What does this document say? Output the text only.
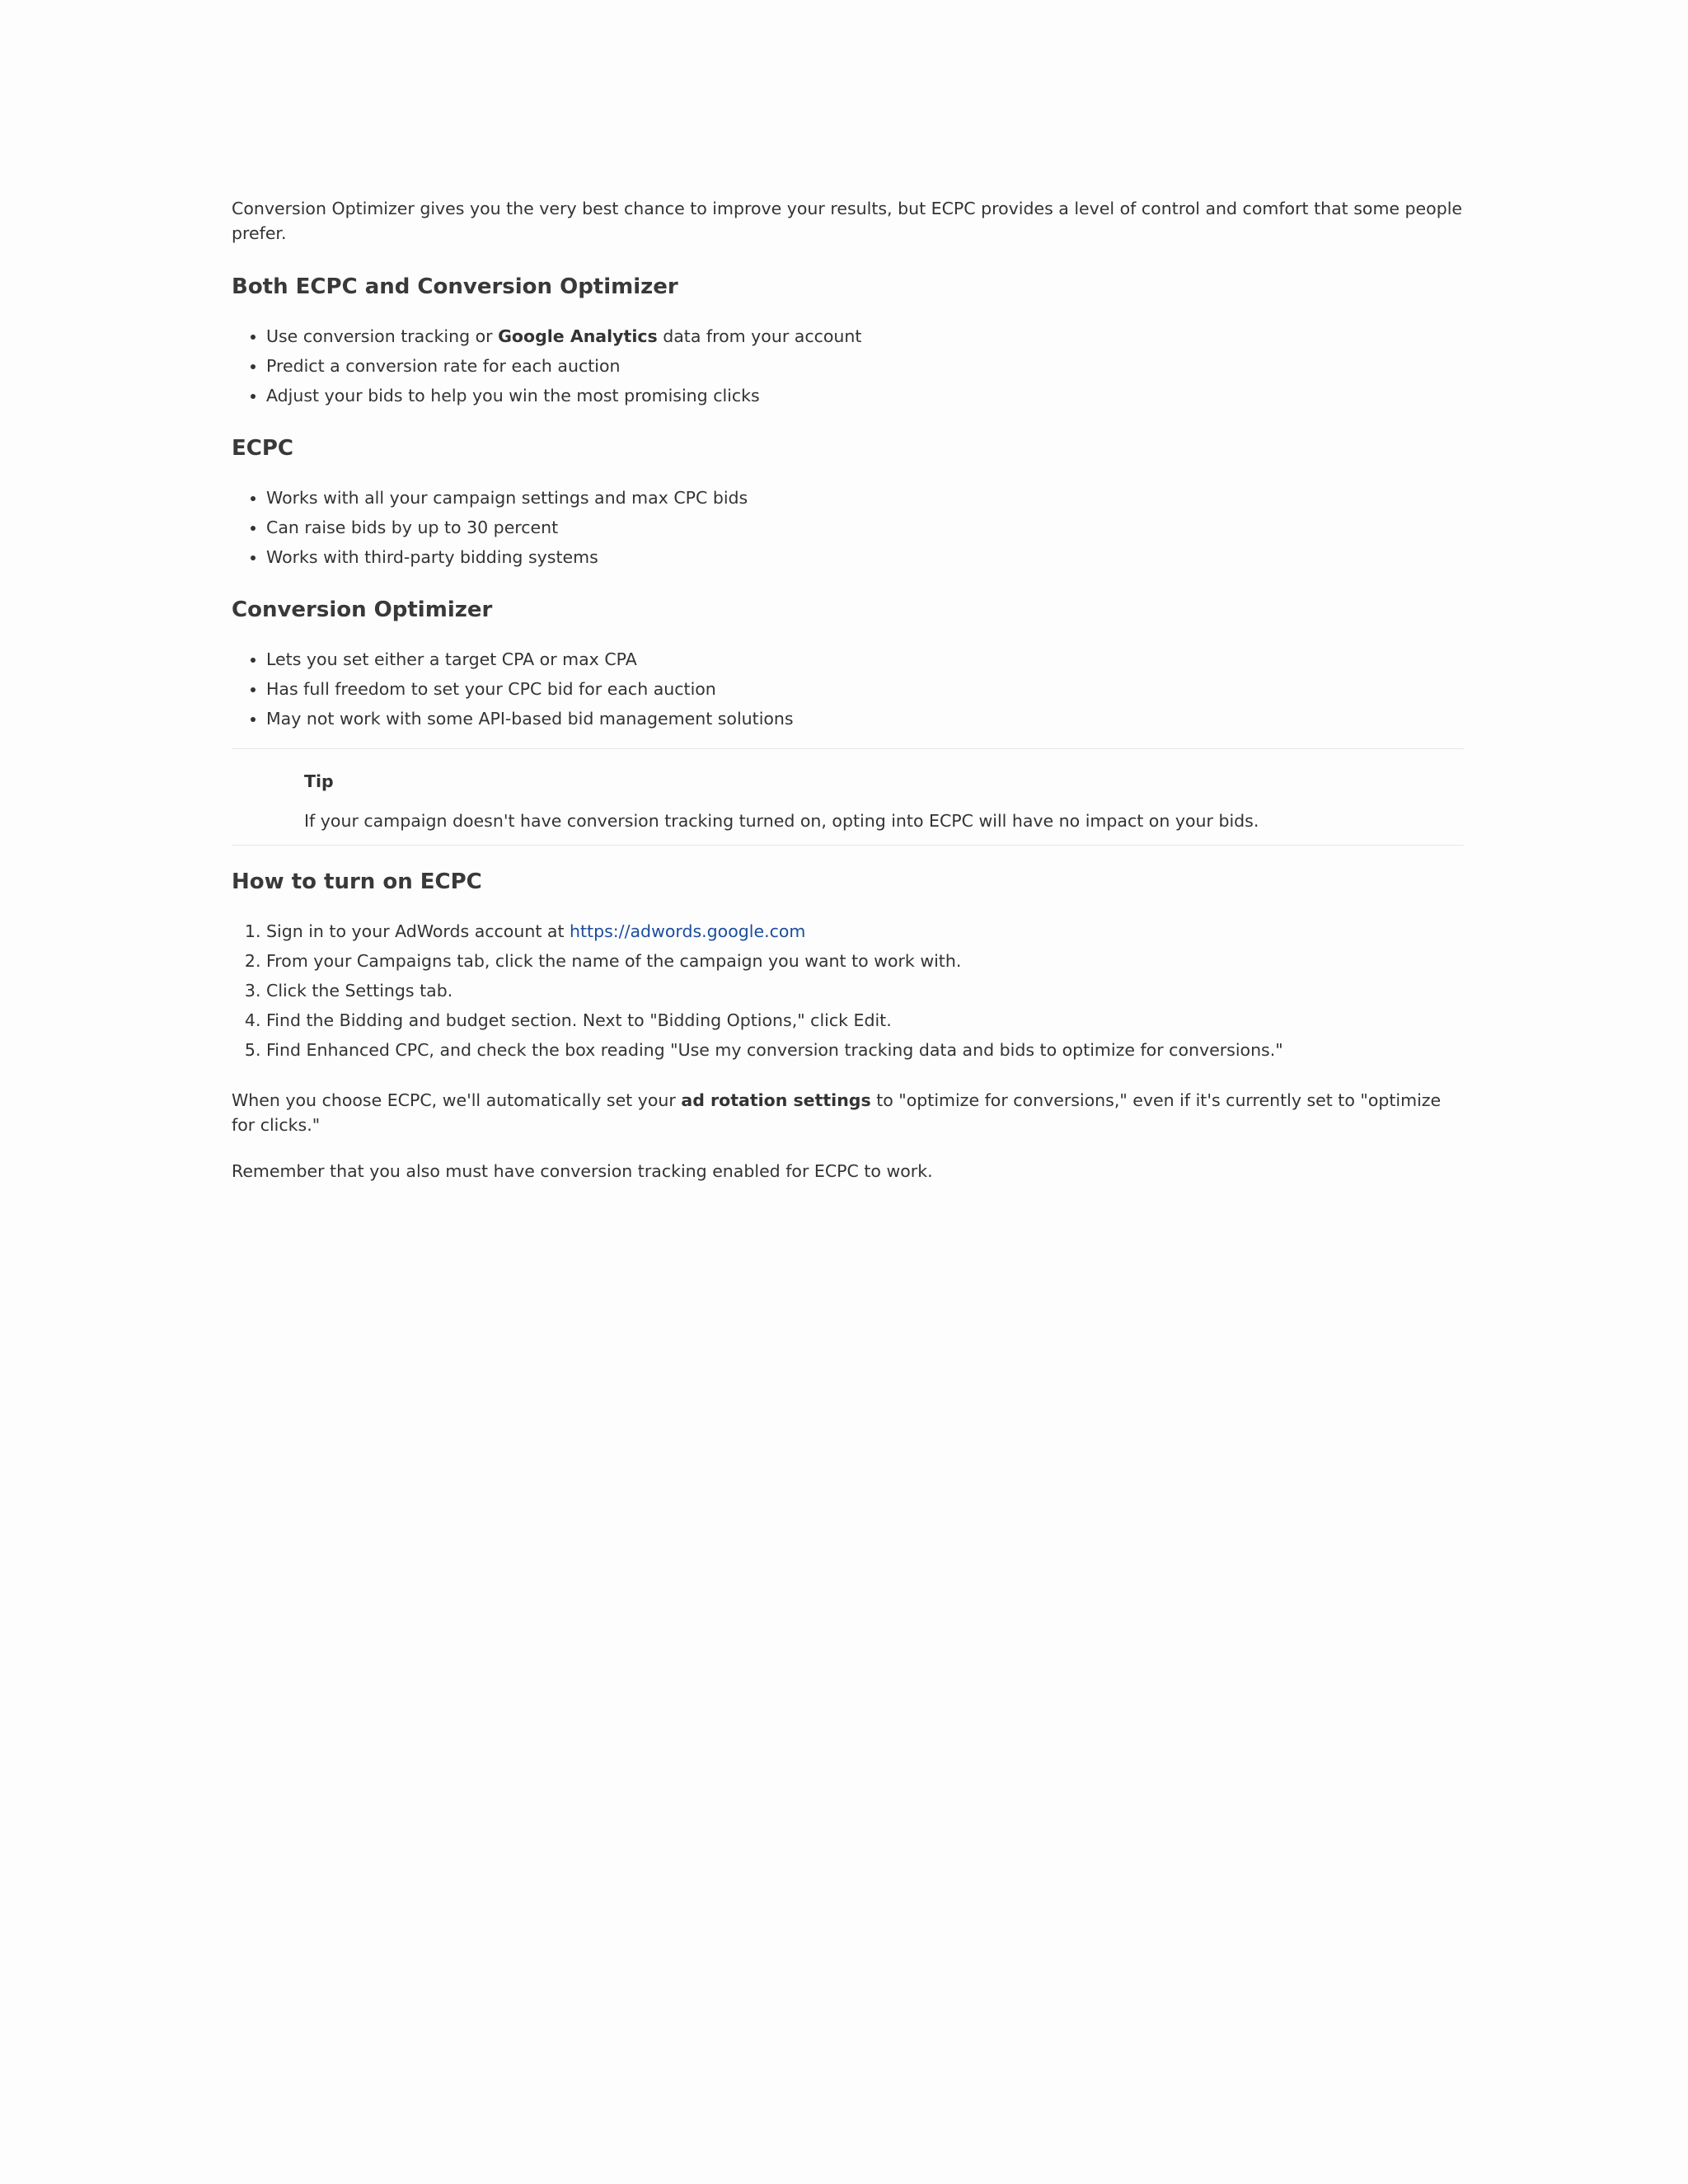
Conversion Optimizer gives you the very best chance to improve your results, but ECPC provides a level of control and comfort that some people prefer.

Both ECPC and Conversion Optimizer
• Use conversion tracking or Google Analytics data from your account
• Predict a conversion rate for each auction
• Adjust your bids to help you win the most promising clicks
ECPC
• Works with all your campaign settings and max CPC bids
• Can raise bids by up to 30 percent
• Works with third-party bidding systems
Conversion Optimizer
• Lets you set either a target CPA or max CPA
• Has full freedom to set your CPC bid for each auction
• May not work with some API-based bid management solutions
Tip
If your campaign doesn't have conversion tracking turned on, opting into ECPC will have no impact on your bids.
How to turn on ECPC
1. Sign in to your AdWords account at https://adwords.google.com
2. From your Campaigns tab, click the name of the campaign you want to work with.
3. Click the Settings tab.
4. Find the Bidding and budget section. Next to "Bidding Options," click Edit.
5. Find Enhanced CPC, and check the box reading "Use my conversion tracking data and bids to optimize for conversions."

When you choose ECPC, we'll automatically set your ad rotation settings to "optimize for conversions," even if it's currently set to "optimize for clicks."

Remember that you also must have conversion tracking enabled for ECPC to work.
